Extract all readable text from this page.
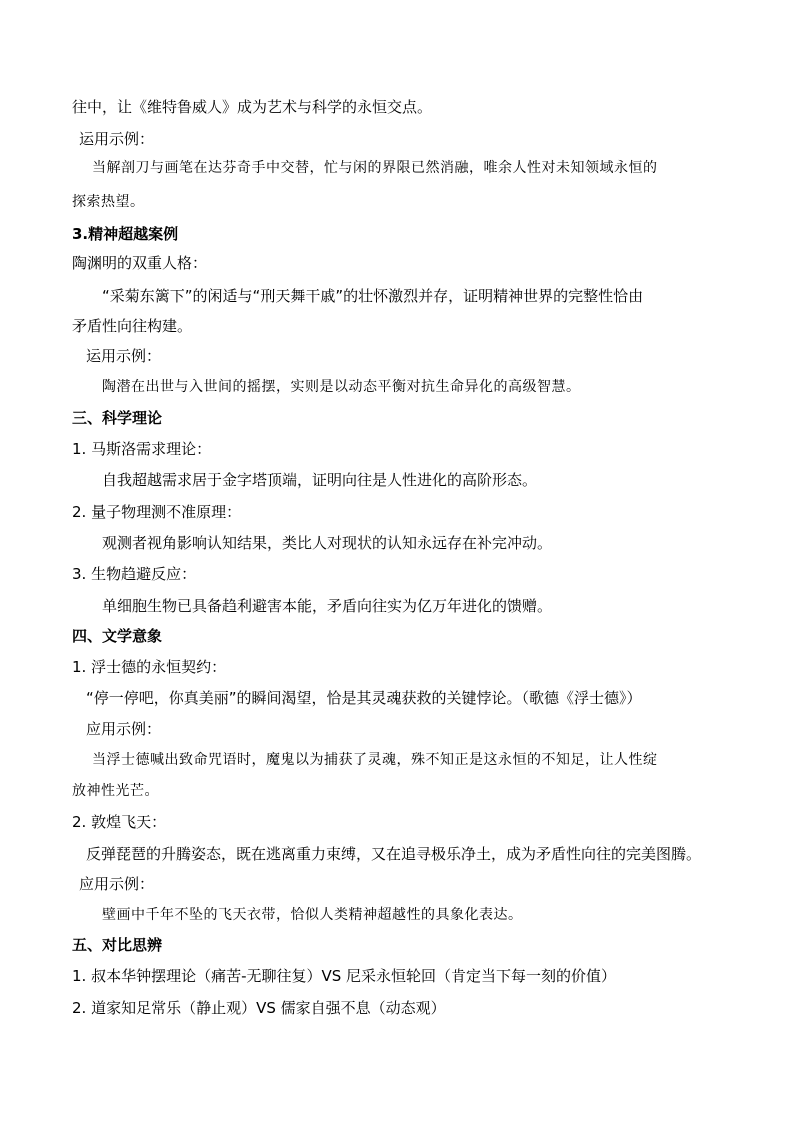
往中，让《维特鲁威人》成为艺术与科学的永恒交点。
运用示例：
当解剖刀与画笔在达芬奇手中交替，忙与闲的界限已然消融，唯余人性对未知领域永恒的
探索热望。
3.精神超越案例
陶渊明的双重人格：
“采菊东篱下”的闲适与“刑天舞干戚”的壮怀激烈并存，证明精神世界的完整性恰由
矛盾性向往构建。
运用示例：
陶潜在出世与入世间的摇摆，实则是以动态平衡对抗生命异化的高级智慧。
三、科学理论
1. 马斯洛需求理论：
自我超越需求居于金字塔顶端，证明向往是人性进化的高阶形态。
2. 量子物理测不准原理：
观测者视角影响认知结果，类比人对现状的认知永远存在补完冲动。
3. 生物趋避反应：
单细胞生物已具备趋利避害本能，矛盾向往实为亿万年进化的馈赠。
四、文学意象
1. 浮士德的永恒契约：
“停一停吧，你真美丽”的瞬间渴望，恰是其灵魂获救的关键悖论。（歌德《浮士德》）
应用示例：
当浮士德喊出致命咒语时，魔鬼以为捕获了灵魂，殊不知正是这永恒的不知足，让人性绽
放神性光芒。
2. 敦煌飞天：
反弹琵琶的升腾姿态，既在逃离重力束缚，又在追寻极乐净土，成为矛盾性向往的完美图腾。
应用示例：
壁画中千年不坠的飞天衣带，恰似人类精神超越性的具象化表达。
五、对比思辨
1. 叔本华钟摆理论（痛苦-无聊往复）VS 尼采永恒轮回（肯定当下每一刻的价值）
2. 道家知足常乐（静止观）VS 儒家自强不息（动态观）
